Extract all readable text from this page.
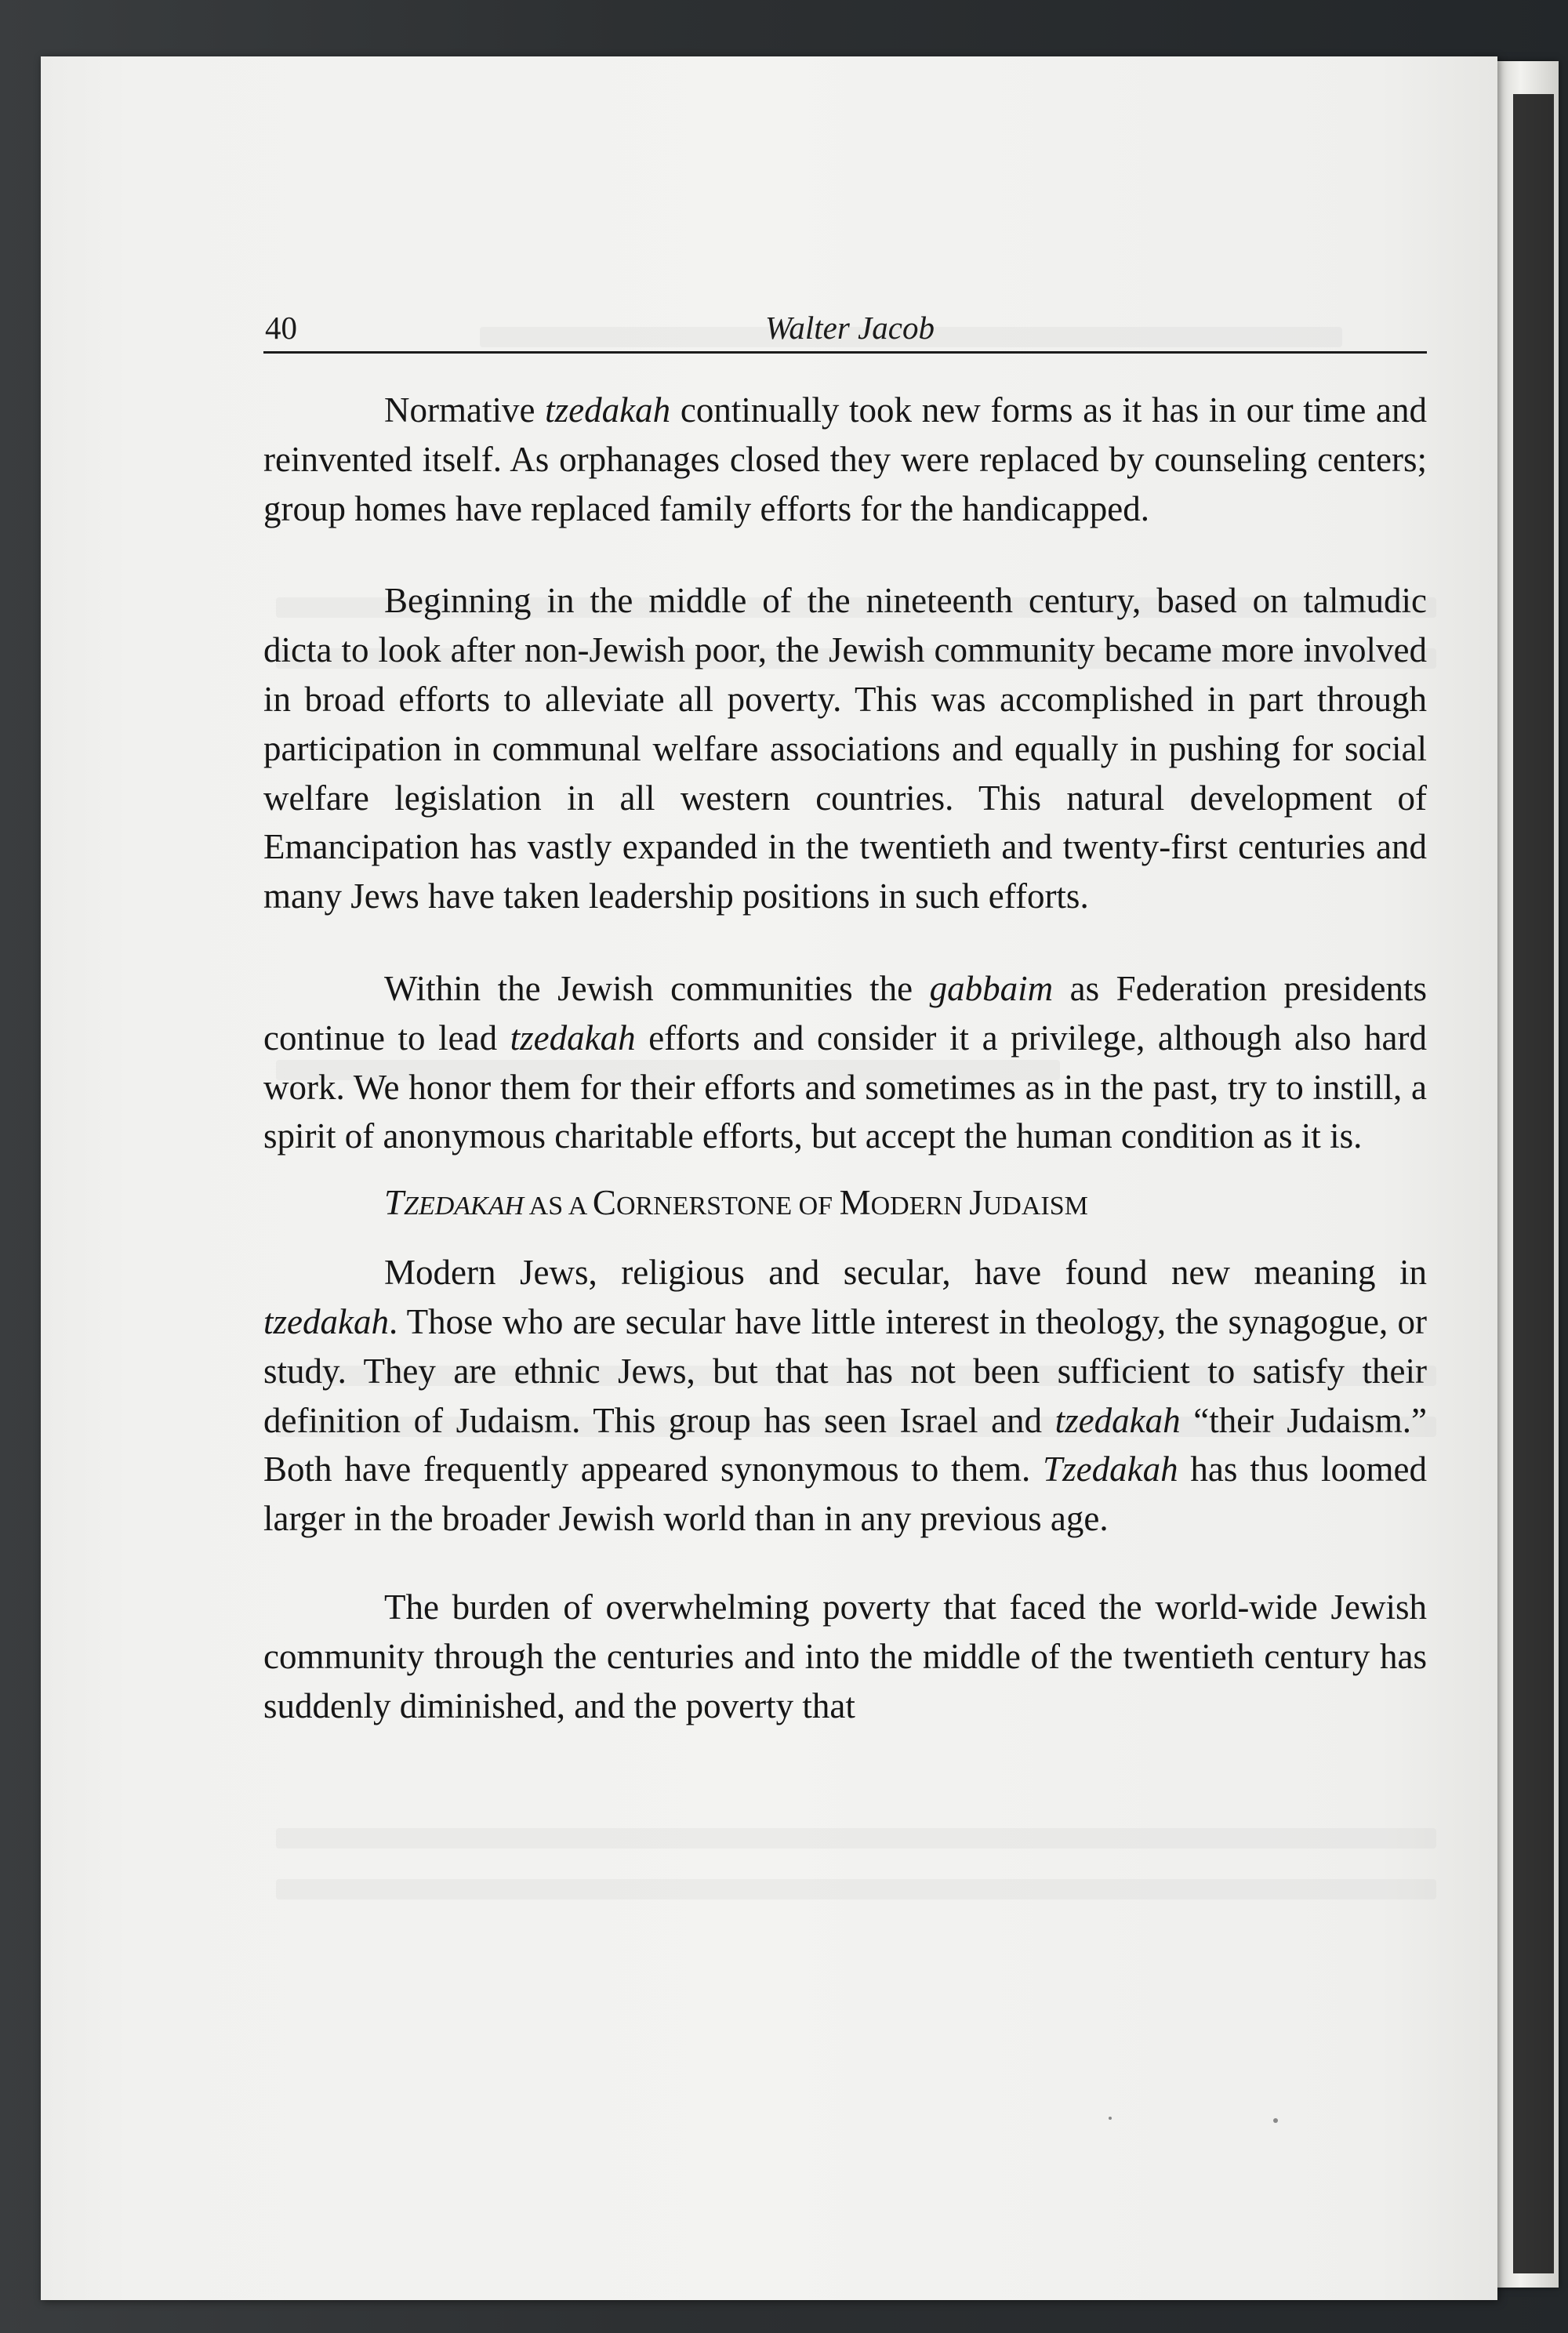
40	Walter Jacob

Normative tzedakah continually took new forms as it has in our time and reinvented itself. As orphanages closed they were replaced by counseling centers; group homes have replaced family efforts for the handicapped.

Beginning in the middle of the nineteenth century, based on talmudic dicta to look after non-Jewish poor, the Jewish community became more involved in broad efforts to alleviate all poverty. This was accomplished in part through participation in communal welfare associations and equally in pushing for social welfare legislation in all western countries. This natural development of Emancipation has vastly expanded in the twentieth and twenty-first centuries and many Jews have taken leadership positions in such efforts.

Within the Jewish communities the gabbaim as Federation presidents continue to lead tzedakah efforts and consider it a privilege, although also hard work. We honor them for their efforts and sometimes as in the past, try to instill, a spirit of anonymous charitable efforts, but accept the human condition as it is.

TZEDAKAH AS A CORNERSTONE OF MODERN JUDAISM

Modern Jews, religious and secular, have found new meaning in tzedakah. Those who are secular have little interest in theology, the synagogue, or study. They are ethnic Jews, but that has not been sufficient to satisfy their definition of Judaism. This group has seen Israel and tzedakah “their Judaism.” Both have frequently appeared synonymous to them. Tzedakah has thus loomed larger in the broader Jewish world than in any previous age.

The burden of overwhelming poverty that faced the world-wide Jewish community through the centuries and into the middle of the twentieth century has suddenly diminished, and the poverty that
